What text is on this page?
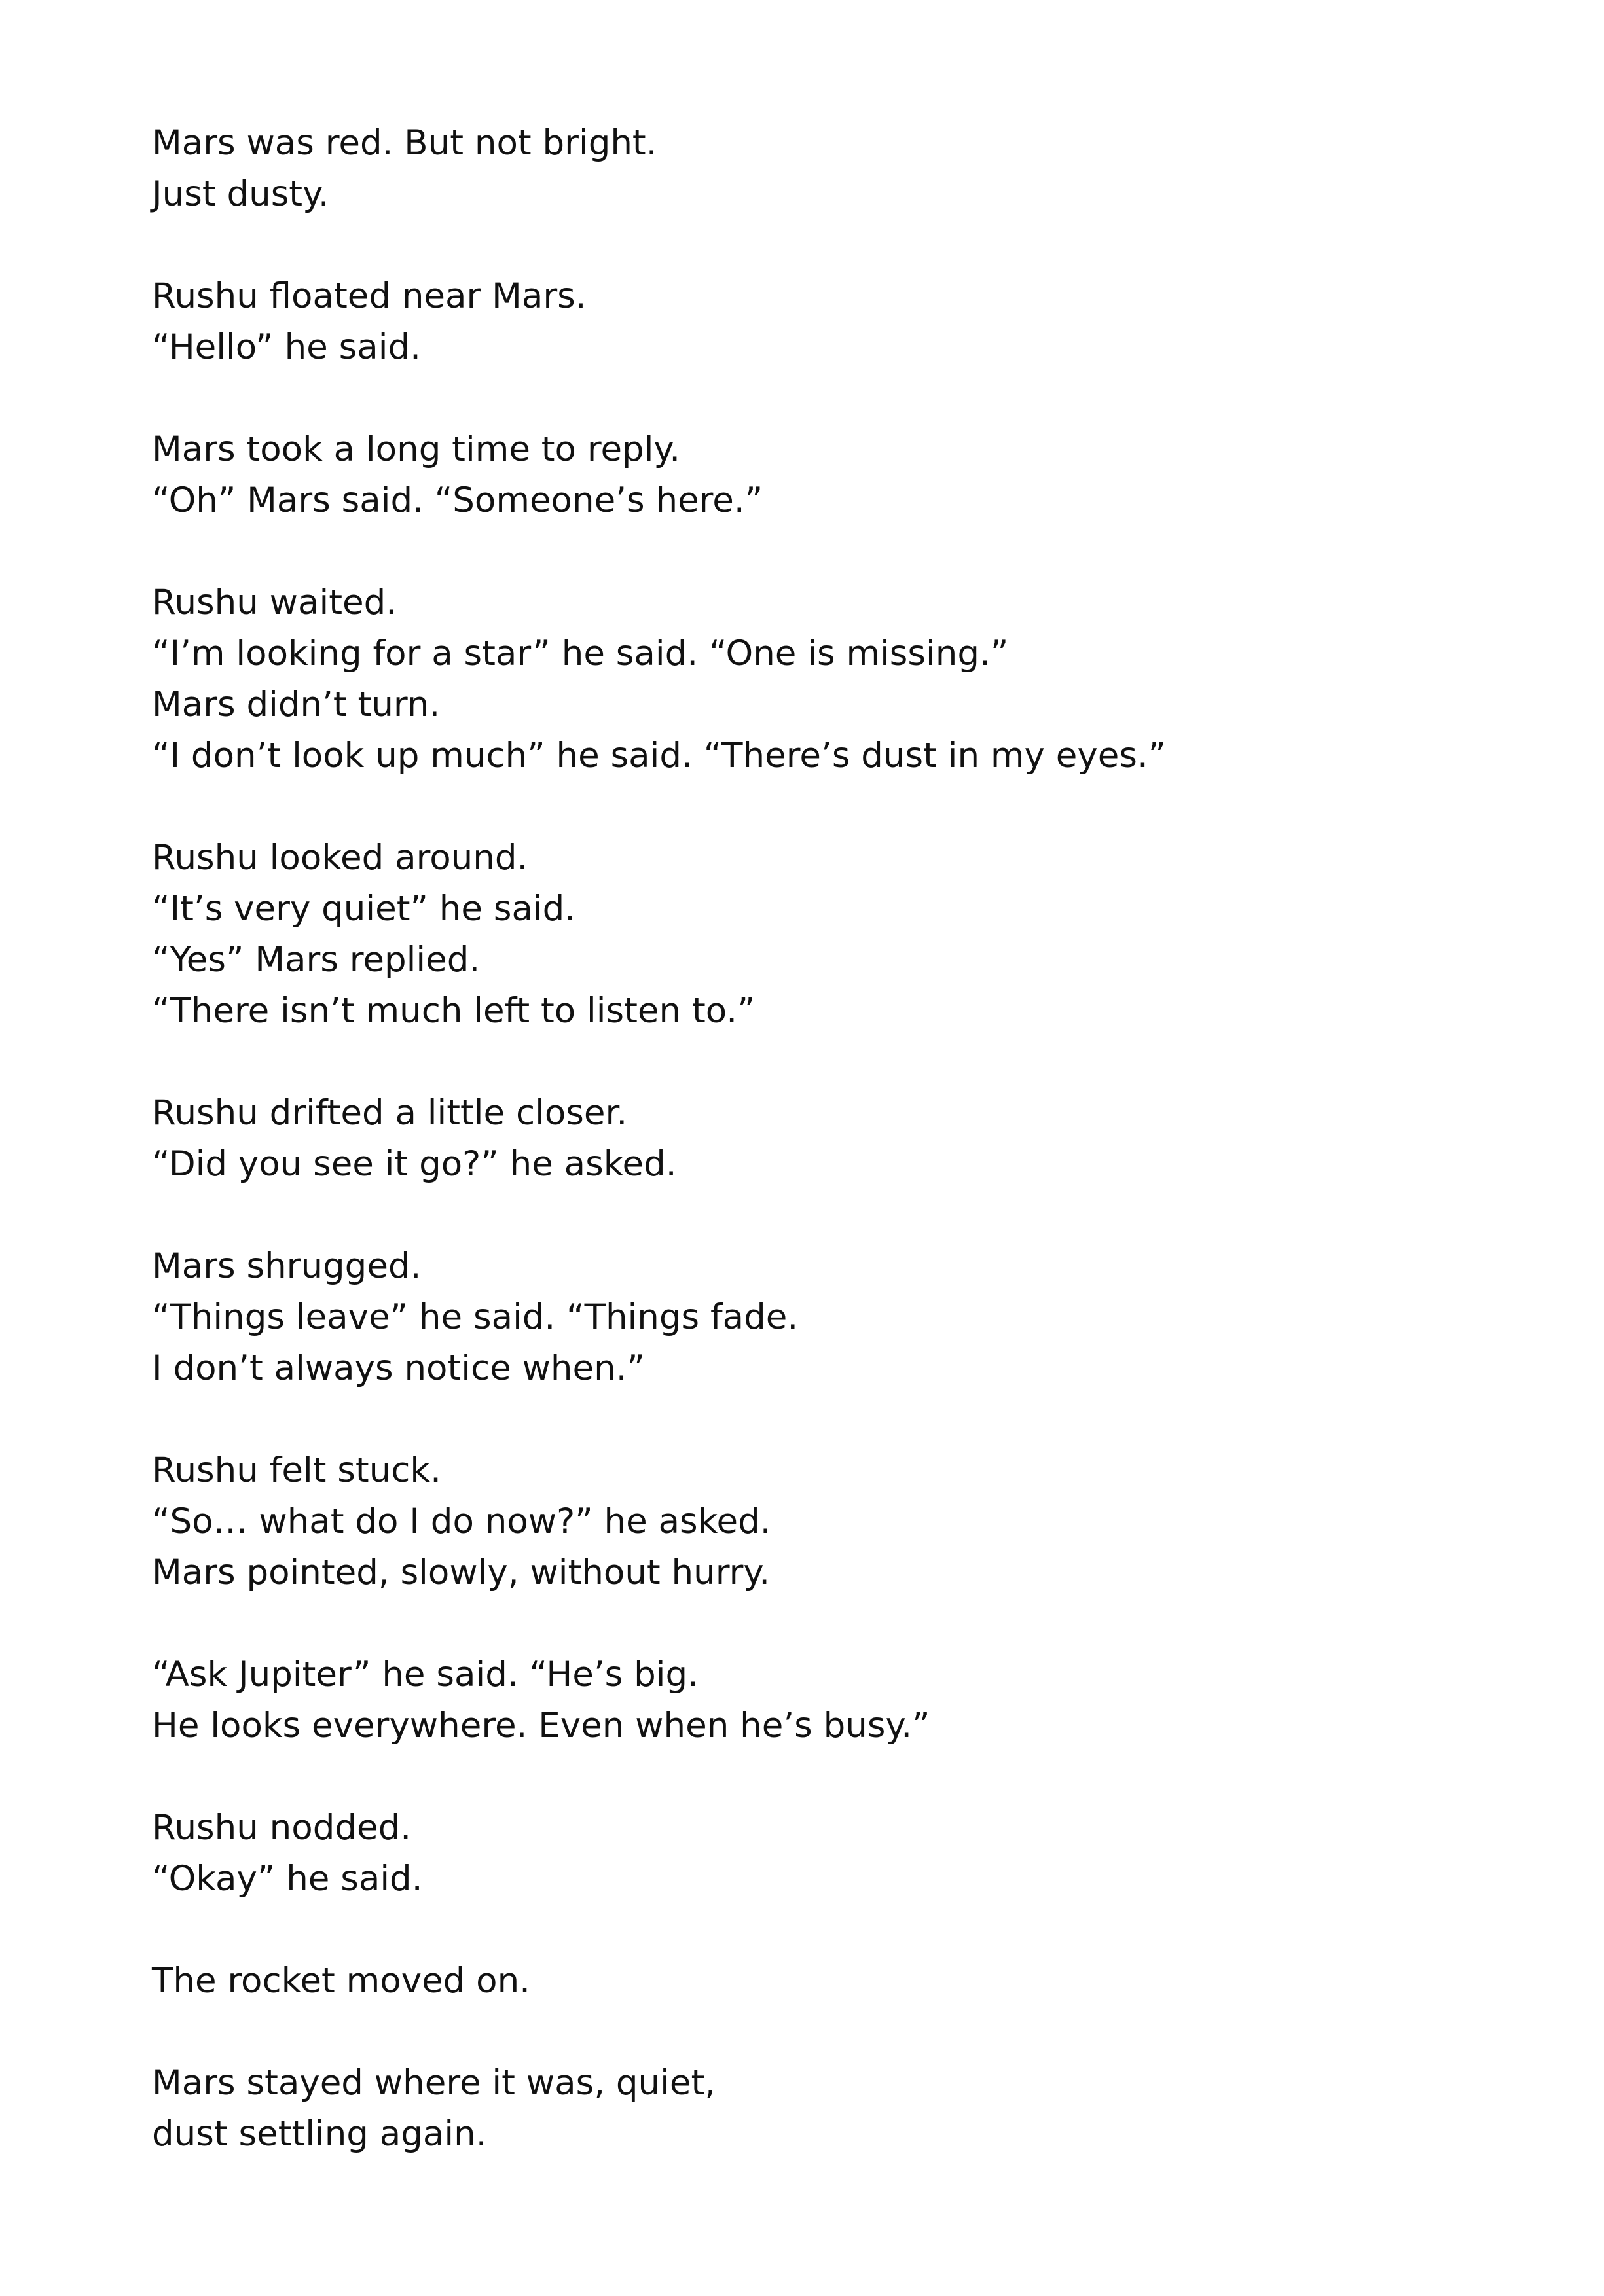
Mars was red. But not bright.
Just dusty.
Rushu floated near Mars.
“Hello” he said.
Mars took a long time to reply.
“Oh” Mars said. “Someone’s here.”
Rushu waited.
“I’m looking for a star” he said. “One is missing.”
Mars didn’t turn.
“I don’t look up much” he said. “There’s dust in my eyes.”
Rushu looked around.
“It’s very quiet” he said.
“Yes” Mars replied.
“There isn’t much left to listen to.”
Rushu drifted a little closer.
“Did you see it go?” he asked.
Mars shrugged.
“Things leave” he said. “Things fade.
I don’t always notice when.”
Rushu felt stuck.
“So… what do I do now?” he asked.
Mars pointed, slowly, without hurry.
“Ask Jupiter” he said. “He’s big.
He looks everywhere. Even when he’s busy.”
Rushu nodded.
“Okay” he said.
The rocket moved on.
Mars stayed where it was, quiet,
dust settling again.
